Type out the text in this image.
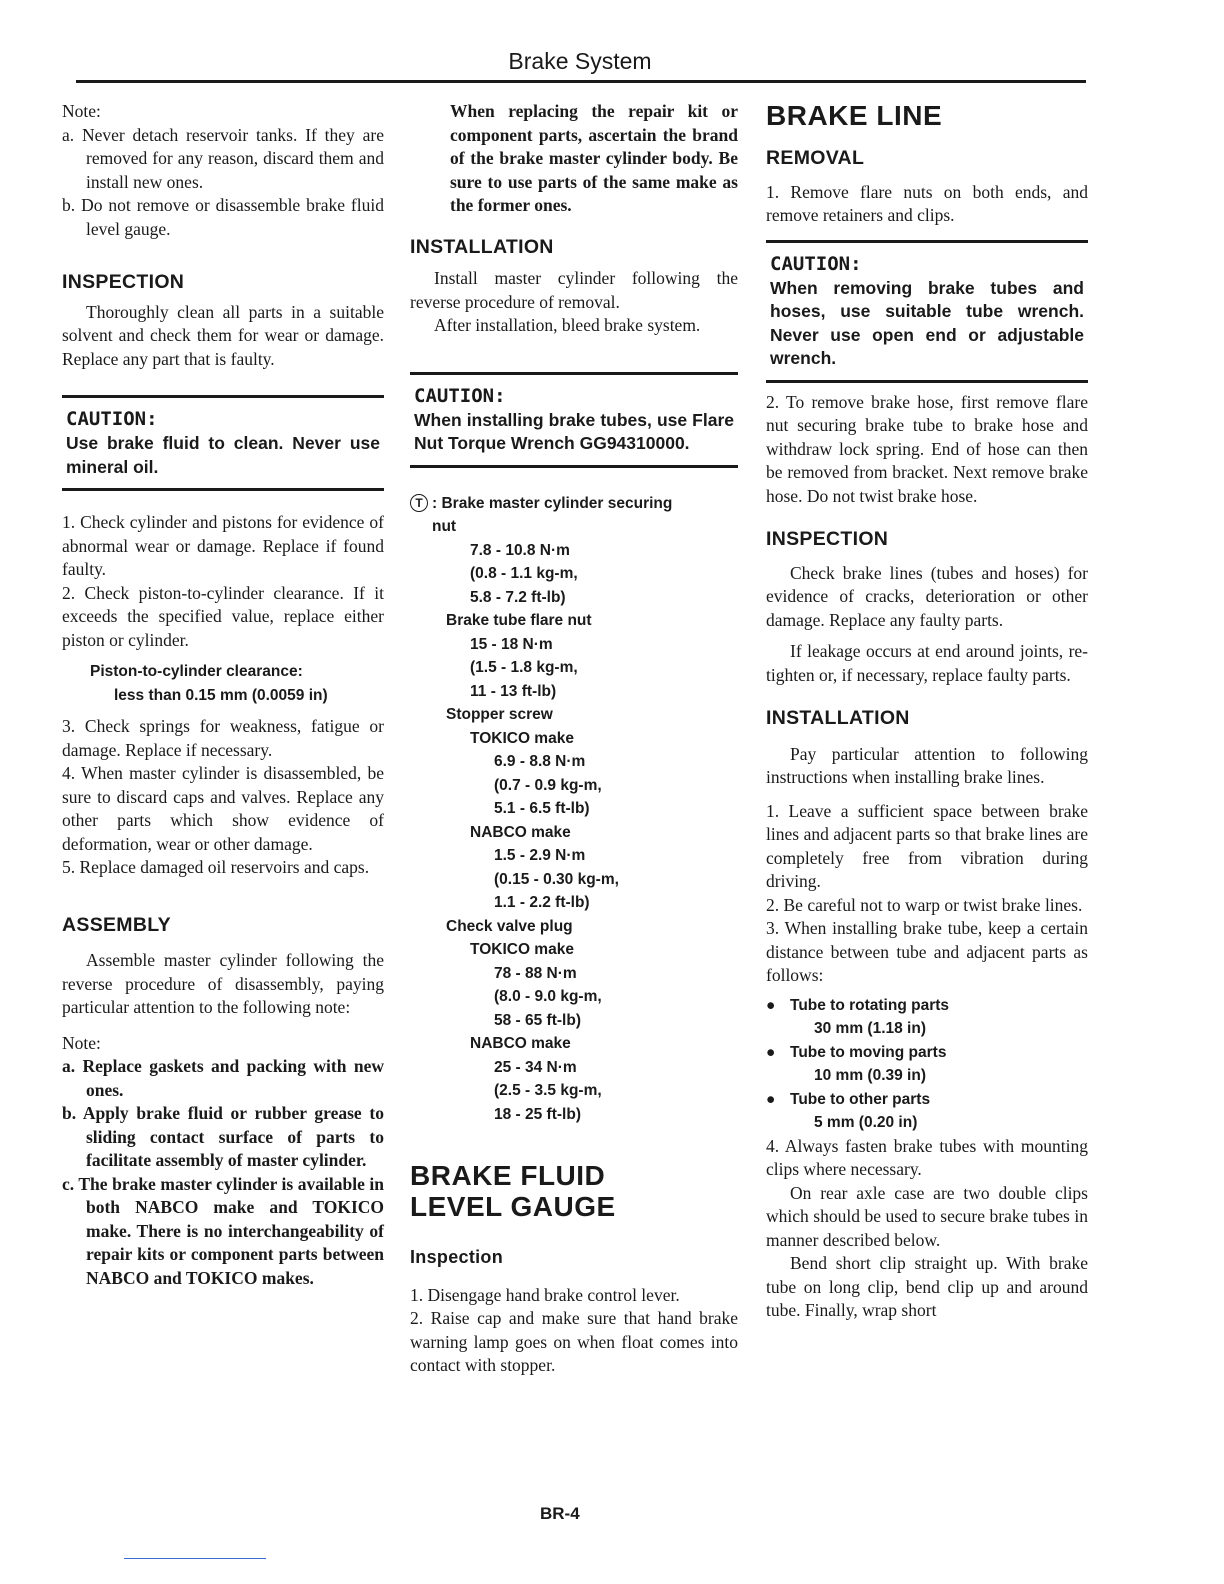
Brake System

Note:

a. Never detach reservoir tanks. If they are removed for any reason, discard them and install new ones.

b. Do not remove or disassemble brake fluid level gauge.

INSPECTION

Thoroughly clean all parts in a suitable solvent and check them for wear or damage. Replace any part that is faulty.

CAUTION:
Use brake fluid to clean. Never use mineral oil.

1. Check cylinder and pistons for evidence of abnormal wear or damage. Replace if found faulty.

2. Check piston-to-cylinder clearance. If it exceeds the specified value, replace either piston or cylinder.

Piston-to-cylinder clearance:

less than 0.15 mm (0.0059 in)

3. Check springs for weakness, fatigue or damage. Replace if necessary.

4. When master cylinder is disassembled, be sure to discard caps and valves. Replace any other parts which show evidence of deformation, wear or other damage.

5. Replace damaged oil reservoirs and caps.

ASSEMBLY

Assemble master cylinder following the reverse procedure of disassembly, paying particular attention to the following note:

Note:

a. Replace gaskets and packing with new ones.

b. Apply brake fluid or rubber grease to sliding contact surface of parts to facilitate assembly of master cylinder.

c. The brake master cylinder is available in both NABCO make and TOKICO make. There is no interchangeability of repair kits or component parts between NABCO and TOKICO makes.

When replacing the repair kit or component parts, ascertain the brand of the brake master cylinder body. Be sure to use parts of the same make as the former ones.

INSTALLATION

Install master cylinder following the reverse procedure of removal.

After installation, bleed brake system.

CAUTION:
When installing brake tubes, use Flare Nut Torque Wrench GG94310000.
T : Brake master cylinder securing
nut
7.8 - 10.8 N·m
(0.8 - 1.1 kg-m,
5.8 - 7.2 ft-lb)
Brake tube flare nut
15 - 18 N·m
(1.5 - 1.8 kg-m,
11 - 13 ft-lb)
Stopper screw
TOKICO make
6.9 - 8.8 N·m
(0.7 - 0.9 kg-m,
5.1 - 6.5 ft-lb)
NABCO make
1.5 - 2.9 N·m
(0.15 - 0.30 kg-m,
1.1 - 2.2 ft-lb)
Check valve plug
TOKICO make
78 - 88 N·m
(8.0 - 9.0 kg-m,
58 - 65 ft-lb)
NABCO make
25 - 34 N·m
(2.5 - 3.5 kg-m,
18 - 25 ft-lb)

BRAKE FLUID

LEVEL GAUGE

Inspection

1. Disengage hand brake control lever.

2. Raise cap and make sure that hand brake warning lamp goes on when float comes into contact with stopper.

BRAKE LINE

REMOVAL

1. Remove flare nuts on both ends, and remove retainers and clips.

CAUTION:
When removing brake tubes and hoses, use suitable tube wrench. Never use open end or adjustable wrench.

2. To remove brake hose, first remove flare nut securing brake tube to brake hose and withdraw lock spring. End of hose can then be removed from bracket. Next remove brake hose. Do not twist brake hose.

INSPECTION

Check brake lines (tubes and hoses) for evidence of cracks, deterioration or other damage. Replace any faulty parts.

If leakage occurs at end around joints, re-tighten or, if necessary, replace faulty parts.

INSTALLATION

Pay particular attention to following instructions when installing brake lines.

1. Leave a sufficient space between brake lines and adjacent parts so that brake lines are completely free from vibration during driving.

2. Be careful not to warp or twist brake lines.

3. When installing brake tube, keep a certain distance between tube and adjacent parts as follows:

● Tube to rotating parts
30 mm (1.18 in)
● Tube to moving parts
10 mm (0.39 in)
● Tube to other parts
5 mm (0.20 in)

4. Always fasten brake tubes with mounting clips where necessary.

On rear axle case are two double clips which should be used to secure brake tubes in manner described below.

Bend short clip straight up. With brake tube on long clip, bend clip up and around tube. Finally, wrap short

BR-4
